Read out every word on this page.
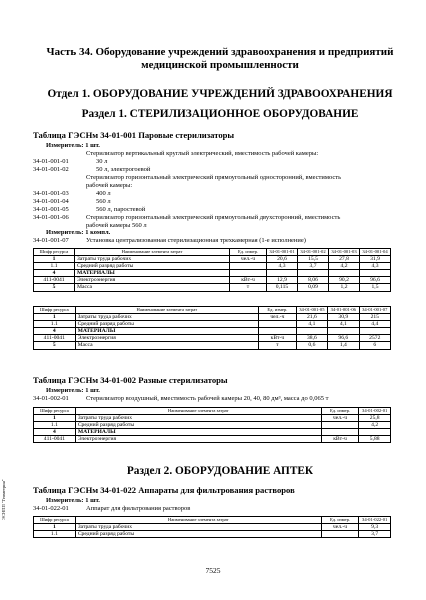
Часть 34. Оборудование учреждений здравоохранения и предприятий медицинской промышленности
Отдел 1. ОБОРУДОВАНИЕ УЧРЕЖДЕНИЙ ЗДРАВООХРАНЕНИЯ
Раздел 1. СТЕРИЛИЗАЦИОННОЕ ОБОРУДОВАНИЕ
Таблица ГЭСНм 34-01-001 Паровые стерилизаторы
Измеритель: 1 шт.
Стерилизатор вертикальный круглый электрический, вместимость рабочей камеры:
34-01-001-01	30 л
34-01-001-02	50 л, электрогоевой
Стерилизатор горизонтальный электрический прямоугольный односторонний, вместимость
рабочей камеры:
34-01-001-03	400 л
34-01-001-04	560 л
34-01-001-05	560 л, паростевой
34-01-001-06	Стерилизатор горизонтальный электрический прямоугольный двухсторонний, вместимость
рабочей камеры 560 л
Измеритель: 1 компл.
34-01-001-07	Установка централизованная стерилизационная трехкамерная (1-е исполнение)
Шифр ресурса	Наименование элемента затрат	Ед. измер.	34-01-001-01	34-01-001-02	34-01-001-03	34-01-001-04
1	Затраты труда рабочих	чел.-ч	20,6	15,5	27,8	31,9
1.1	Средний разряд работы		4,3	3,7	4,2	4,3
4	МАТЕРИАЛЫ					
411-0041	Электроэнергия	кВт-ч	12,9	8,06	90,2	96,6
5	Масса	т	0,115	0,09	1,2	1,5
Шифр ресурса	Наименование элемента затрат	Ед. измер.	34-01-001-05	34-01-001-06	34-01-001-07
1	Затраты труда рабочих	чел.-ч	21,6	30,9	215
1.1	Средний разряд работы		4,1	4,1	4,4
4	МАТЕРИАЛЫ				
411-0041	Электроэнергия	кВт-ч	38,6	96,6	2572
5	Масса	т	0,6	1,4	6
Таблица ГЭСНм 34-01-002 Разные стерилизаторы
Измеритель: 1 шт.
34-01-002-01	Стерилизатор воздушный, вместимость рабочей камеры 20, 40, 80 дм³, масса до 0,065 т
Шифр ресурса	Наименование элемента затрат	Ед. измер.	34-01-002-01
1	Затраты труда рабочих	чел.-ч	25,8
1.1	Средний разряд работы		4,2
4	МАТЕРИАЛЫ		
411-0041	Электроэнергия	кВт-ч	5,88
Раздел 2. ОБОРУДОВАНИЕ АПТЕК
Таблица ГЭСНм 34-01-022 Аппараты для фильтрования растворов
Измеритель: 1 шт.
34-01-022-01	Аппарат для фильтрования растворов
Шифр ресурса	Наименование элемента затрат	Ед. измер.	34-01-022-01
1	Затраты труда рабочих	чел.-ч	9,3
1.1	Средний разряд работы		3,7
ЭСНПП "Геометрия"
7525
